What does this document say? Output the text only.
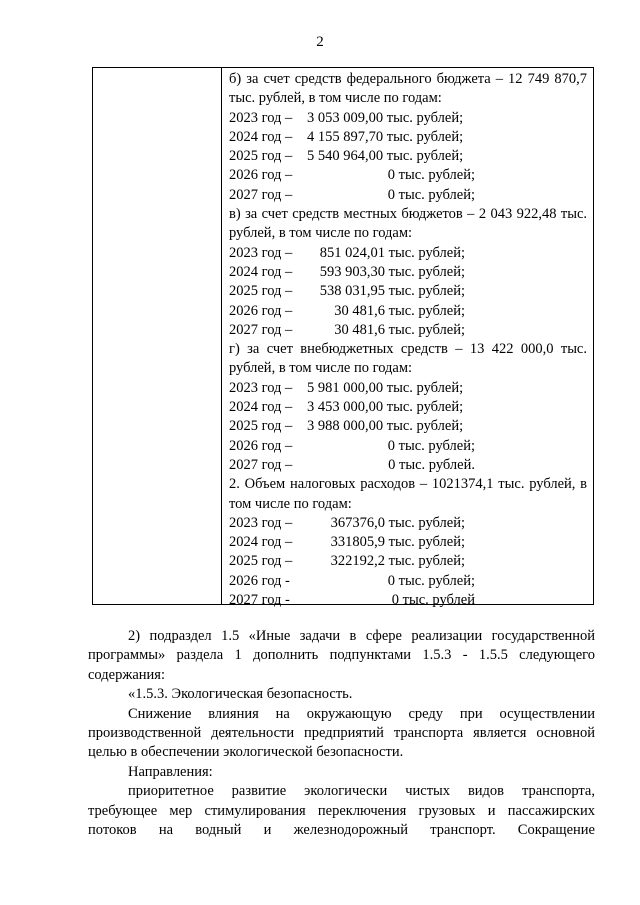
2
б) за счет средств федерального бюджета – 12 749 870,7
тыс. рублей, в том числе по годам:
2023 год – 3 053 009,00 тыс. рублей;
2024 год – 4 155 897,70 тыс. рублей;
2025 год – 5 540 964,00 тыс. рублей;
2026 год –	0 тыс. рублей;
2027 год –	0 тыс. рублей;
в) за счет средств местных бюджетов – 2 043 922,48 тыс.
рублей, в том числе по годам:
2023 год – 851 024,01 тыс. рублей;
2024 год – 593 903,30 тыс. рублей;
2025 год – 538 031,95 тыс. рублей;
2026 год –	30 481,6 тыс. рублей;
2027 год –	30 481,6 тыс. рублей;
г) за счет внебюджетных средств – 13 422 000,0 тыс.
рублей, в том числе по годам:
2023 год – 5 981 000,00 тыс. рублей;
2024 год – 3 453 000,00 тыс. рублей;
2025 год – 3 988 000,00 тыс. рублей;
2026 год –	0 тыс. рублей;
2027 год –	0 тыс. рублей.
2. Объем налоговых расходов – 1021374,1 тыс. рублей, в
том числе по годам:
2023 год –	367376,0 тыс. рублей;
2024 год –	331805,9 тыс. рублей;
2025 год –	322192,2 тыс. рублей;
2026 год -	0 тыс. рублей;
2027 год -	0 тыс. рублей
2) подраздел 1.5 «Иные задачи в сфере реализации государственной
программы» раздела 1 дополнить подпунктами 1.5.3 - 1.5.5 следующего
содержания:
«1.5.3. Экологическая безопасность.
Снижение влияния на окружающую среду при осуществлении
производственной деятельности предприятий транспорта является основной
целью в обеспечении экологической безопасности.
Направления:
приоритетное развитие экологически чистых видов транспорта,
требующее мер стимулирования переключения грузовых и пассажирских
потоков на водный и железнодорожный транспорт. Сокращение
